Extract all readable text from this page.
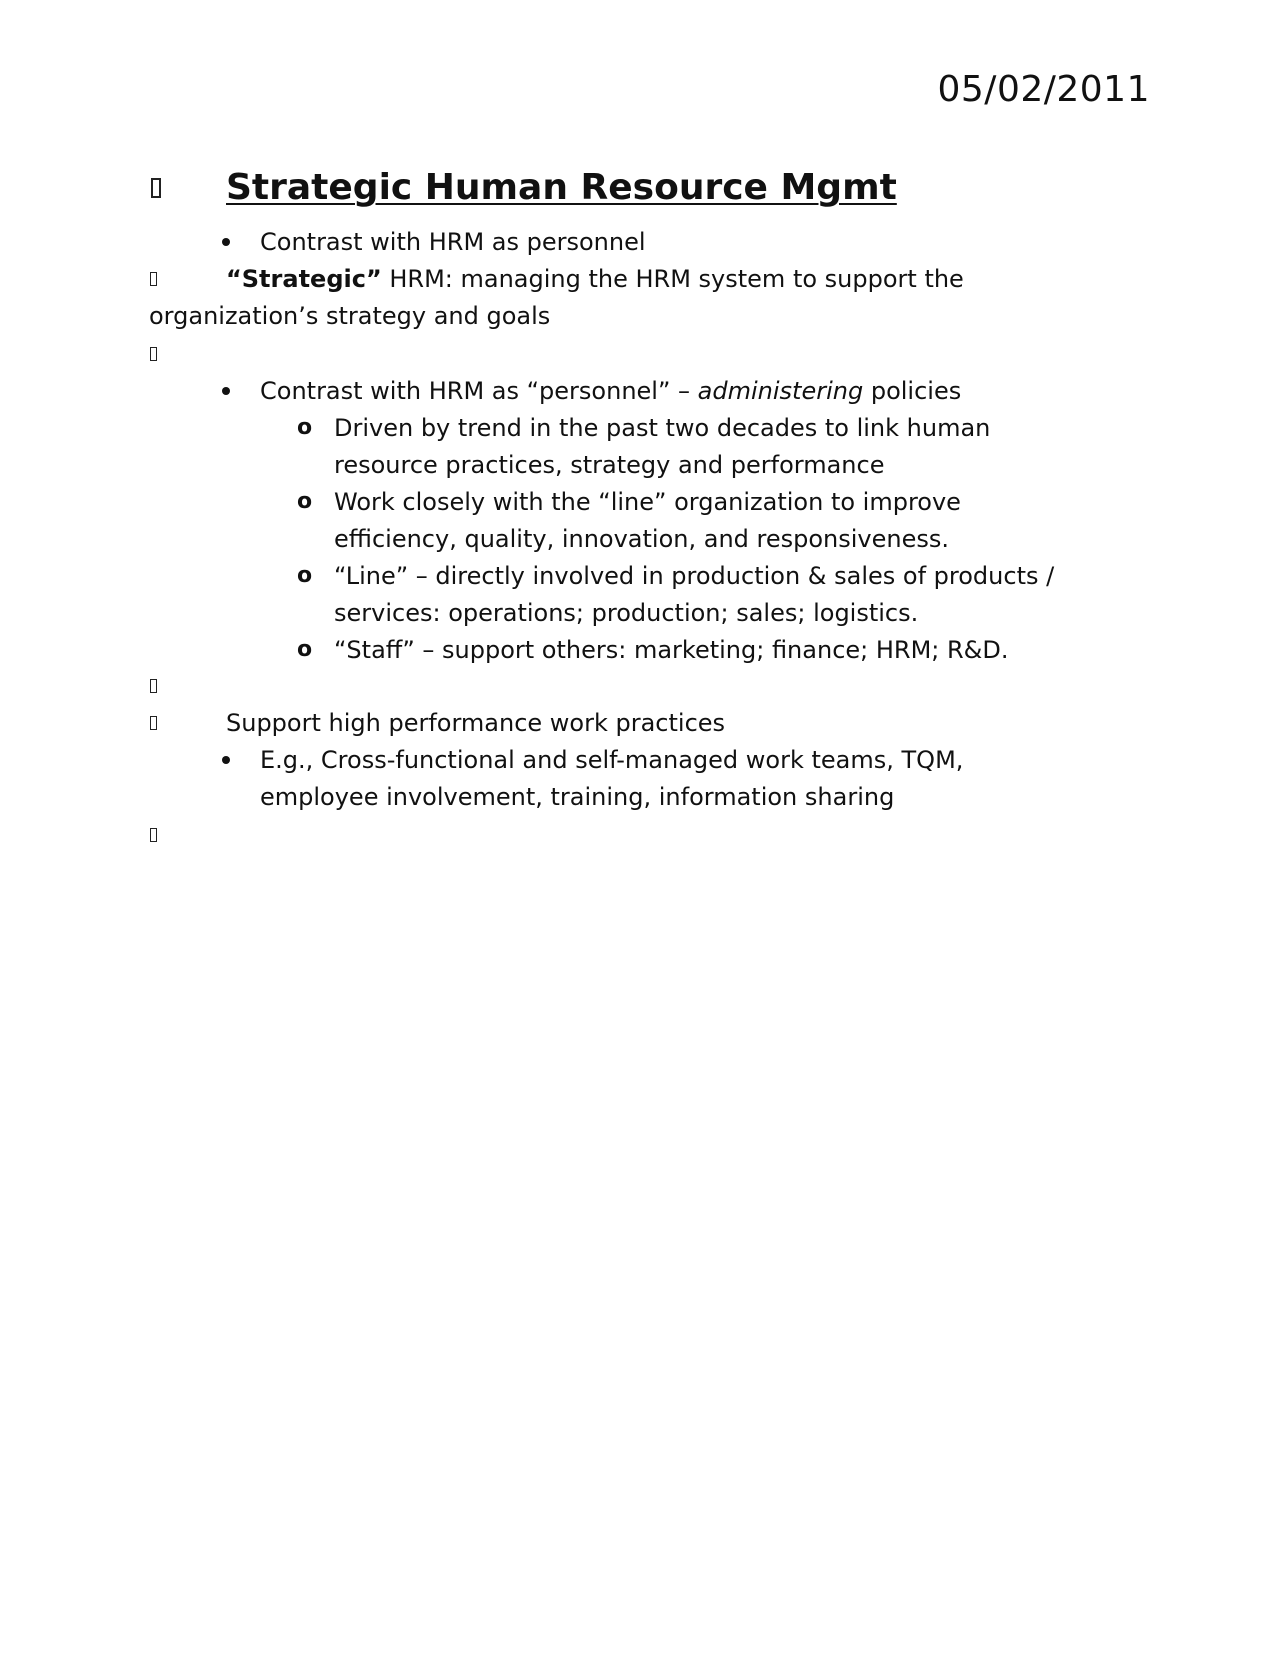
05/02/2011
Strategic Human Resource Mgmt
Contrast with HRM as personnel
“Strategic” HRM: managing the HRM system to support the
organization’s strategy and goals
Contrast with HRM as “personnel” – administering policies
o Driven by trend in the past two decades to link human
resource practices, strategy and performance
o Work closely with the “line” organization to improve
efficiency, quality, innovation, and responsiveness.
o “Line” – directly involved in production & sales of products /
services: operations; production; sales; logistics.
o “Staff” – support others: marketing; finance; HRM; R&D.
Support high performance work practices
E.g., Cross-functional and self-managed work teams, TQM,
employee involvement, training, information sharing
